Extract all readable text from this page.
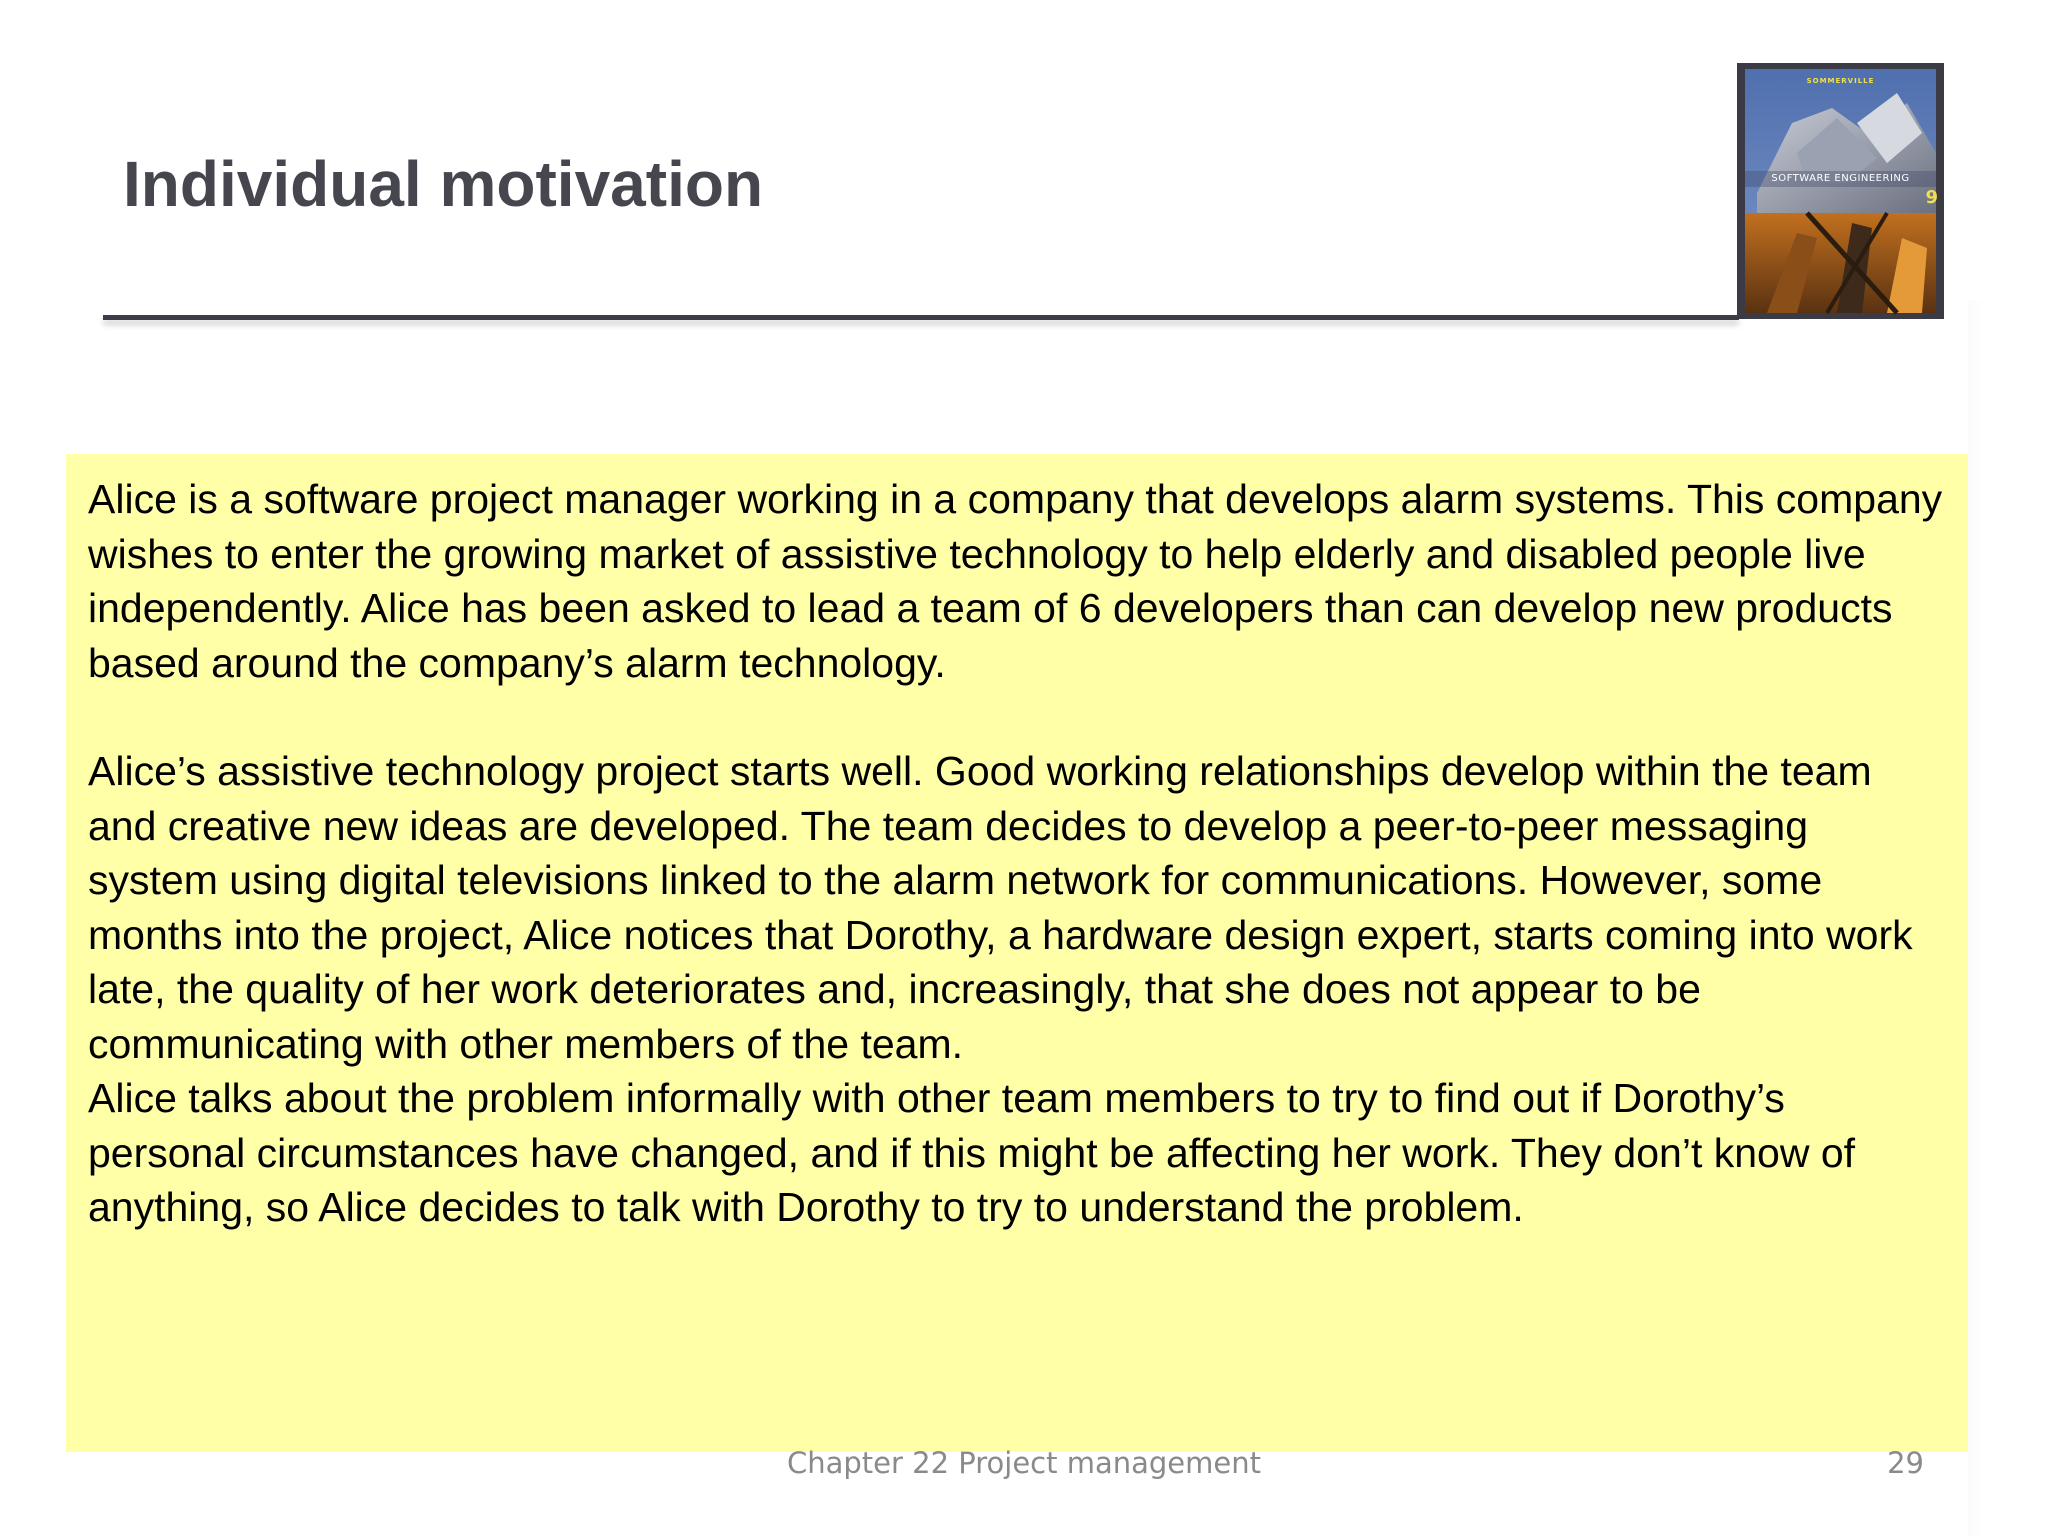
Individual motivation
SOMMERVILLE
SOFTWARE ENGINEERING
9

Alice is a software project manager working in a company that develops alarm systems. This company wishes to enter the growing market of assistive technology to help elderly and disabled people live independently. Alice has been asked to lead a team of 6 developers than can develop new products based around the company’s alarm technology.

Alice’s assistive technology project starts well. Good working relationships develop within the team and creative new ideas are developed. The team decides to develop a peer-to-peer messaging system using digital televisions linked to the alarm network for communications. However, some months into the project, Alice notices that Dorothy, a hardware design expert, starts coming into work late, the quality of her work deteriorates and, increasingly, that she does not appear to be communicating with other members of the team.

Alice talks about the problem informally with other team members to try to find out if Dorothy’s personal circumstances have changed, and if this might be affecting her work. They don’t know of anything, so Alice decides to talk with Dorothy to try to understand the problem.

Chapter 22 Project management	29
